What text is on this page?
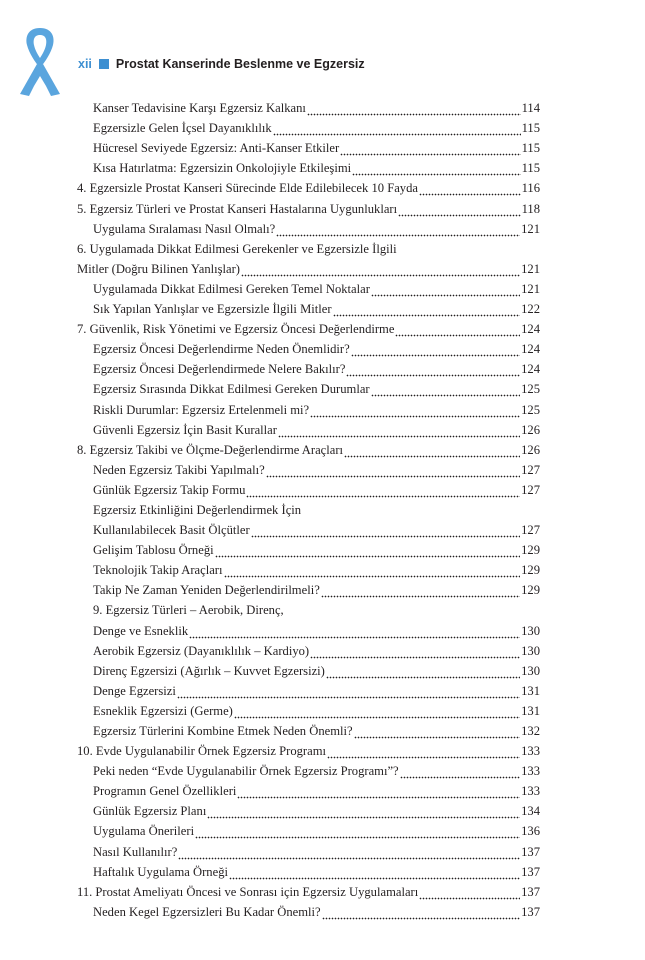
xii Prostat Kanserinde Beslenme ve Egzersiz
Kanser Tedavisine Karşı Egzersiz Kalkanı	114
Egzersizle Gelen İçsel Dayanıklılık	115
Hücresel Seviyede Egzersiz: Anti-Kanser Etkiler	115
Kısa Hatırlatma: Egzersizin Onkolojiyle Etkileşimi	115
4. Egzersizle Prostat Kanseri Sürecinde Elde Edilebilecek 10 Fayda	116
5. Egzersiz Türleri ve Prostat Kanseri Hastalarına Uygunlukları	118
Uygulama Sıralaması Nasıl Olmalı?	121
6. Uygulamada Dikkat Edilmesi Gerekenler ve Egzersizle İlgili
Mitler (Doğru Bilinen Yanlışlar)	121
Uygulamada Dikkat Edilmesi Gereken Temel Noktalar	121
Sık Yapılan Yanlışlar ve Egzersizle İlgili Mitler	122
7. Güvenlik, Risk Yönetimi ve Egzersiz Öncesi Değerlendirme	124
Egzersiz Öncesi Değerlendirme Neden Önemlidir?	124
Egzersiz Öncesi Değerlendirmede Nelere Bakılır?	124
Egzersiz Sırasında Dikkat Edilmesi Gereken Durumlar	125
Riskli Durumlar: Egzersiz Ertelenmeli mi?	125
Güvenli Egzersiz İçin Basit Kurallar	126
8. Egzersiz Takibi ve Ölçme-Değerlendirme Araçları	126
Neden Egzersiz Takibi Yapılmalı?	127
Günlük Egzersiz Takip Formu	127
Egzersiz Etkinliğini Değerlendirmek İçin
Kullanılabilecek Basit Ölçütler	127
Gelişim Tablosu Örneği	129
Teknolojik Takip Araçları	129
Takip Ne Zaman Yeniden Değerlendirilmeli?	129
9. Egzersiz Türleri – Aerobik, Direnç,
Denge ve Esneklik	130
Aerobik Egzersiz (Dayanıklılık – Kardiyo)	130
Direnç Egzersizi (Ağırlık – Kuvvet Egzersizi)	130
Denge Egzersizi	131
Esneklik Egzersizi (Germe)	131
Egzersiz Türlerini Kombine Etmek Neden Önemli?	132
10. Evde Uygulanabilir Örnek Egzersiz Programı	133
Peki neden “Evde Uygulanabilir Örnek Egzersiz Programı”?	133
Programın Genel Özellikleri	133
Günlük Egzersiz Planı	134
Uygulama Önerileri	136
Nasıl Kullanılır?	137
Haftalık Uygulama Örneği	137
11. Prostat Ameliyatı Öncesi ve Sonrası için Egzersiz Uygulamaları	137
Neden Kegel Egzersizleri Bu Kadar Önemli?	137
